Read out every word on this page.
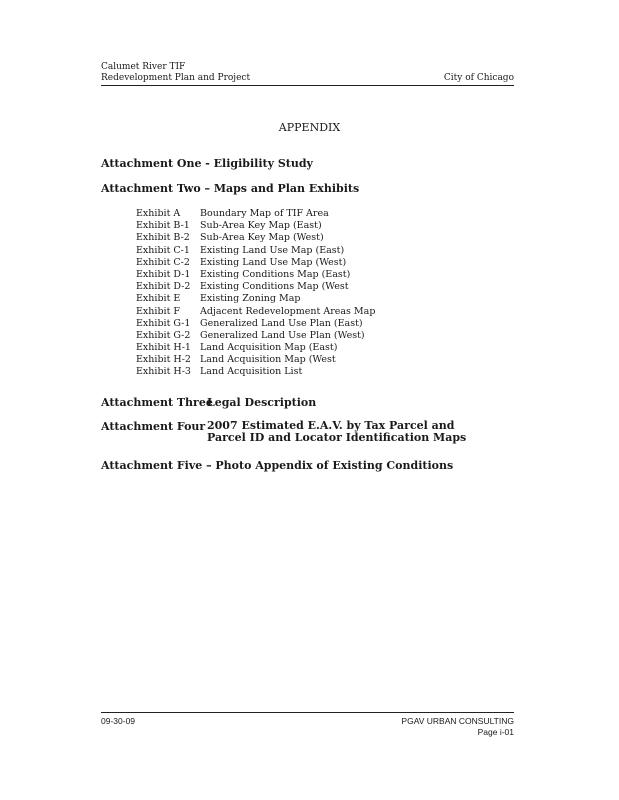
Calumet River TIF
Redevelopment Plan and Project	City of Chicago
APPENDIX
Attachment One - Eligibility Study
Attachment Two – Maps and Plan Exhibits
Exhibit A Boundary Map of TIF Area
Exhibit B-1 Sub-Area Key Map (East)
Exhibit B-2 Sub-Area Key Map (West)
Exhibit C-1 Existing Land Use Map (East)
Exhibit C-2 Existing Land Use Map (West)
Exhibit D-1 Existing Conditions Map (East)
Exhibit D-2 Existing Conditions Map (West
Exhibit E Existing Zoning Map
Exhibit F Adjacent Redevelopment Areas Map
Exhibit G-1 Generalized Land Use Plan (East)
Exhibit G-2 Generalized Land Use Plan (West)
Exhibit H-1 Land Acquisition Map (East)
Exhibit H-2 Land Acquisition Map (West
Exhibit H-3 Land Acquisition List
Attachment Three
Legal Description
Attachment Four 2007 Estimated E.A.V. by Tax Parcel and
Parcel ID and Locator Identification Maps
Attachment Five – Photo Appendix of Existing Conditions
09-30-09	PGAV URBAN CONSULTING
Page i-01
